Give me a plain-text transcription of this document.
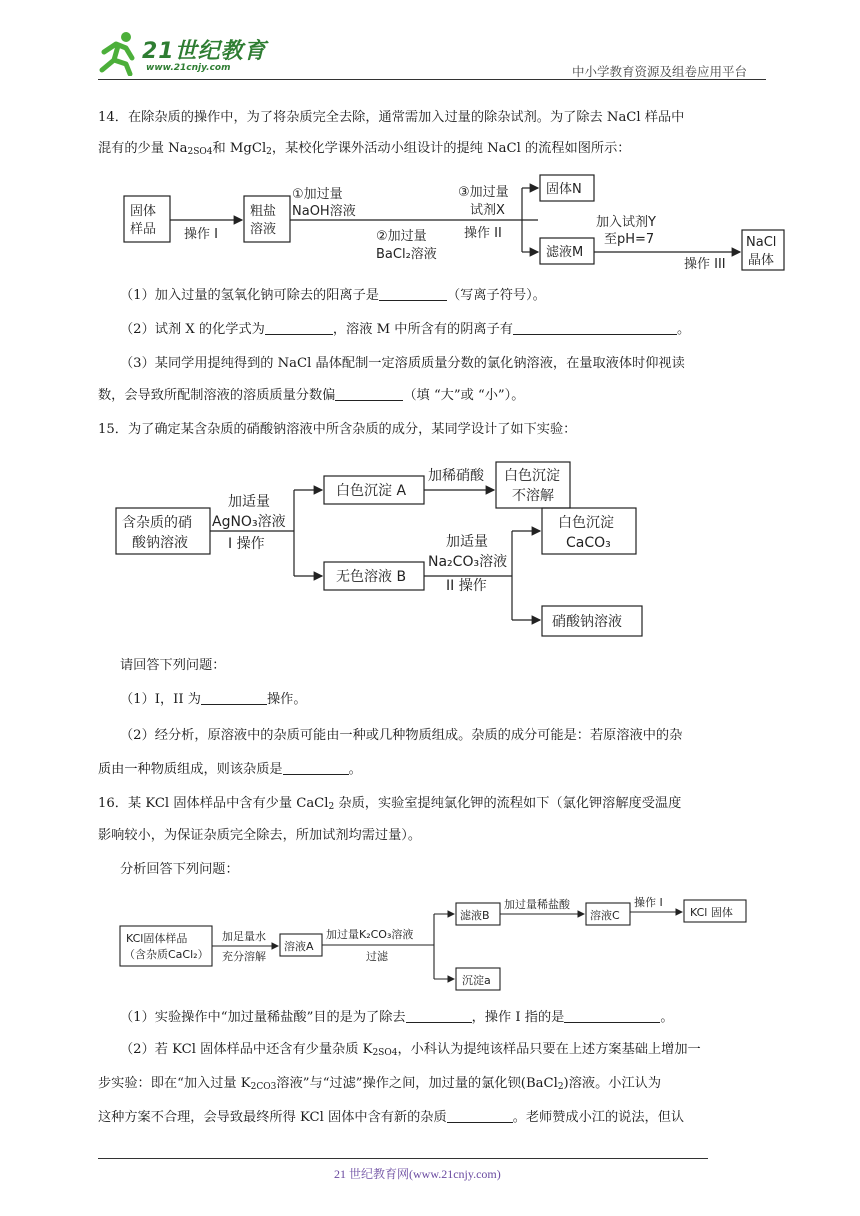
21世纪教育
www.21cnjy.com	中小学教育资源及组卷应用平台
14．在除杂质的操作中，为了将杂质完全去除，通常需加入过量的除杂试剂。为了除去 NaCl 样品中
混有的少量 $Na_{2SO4}$和 MgCl$_2$，某校化学课外活动小组设计的提纯 NaCl 的流程如图所示：
固体
样品 操作 I
粗盐
溶液
①加过量
NaOH溶液
②加过量
BaCl₂溶液
③加过量
试剂X
操作 II
固体N
滤液M
加入试剂Y
至pH=7
操作 III
NaCl
晶体
（1）加入过量的氢氧化钠可除去的阳离子是	（写离子符号）。
（2）试剂 X 的化学式为	，溶液 M 中所含有的阴离子有	。
（3）某同学用提纯得到的 NaCl 晶体配制一定溶质质量分数的氯化钠溶液，在量取液体时仰视读
数，会导致所配制溶液的溶质质量分数偏	（填 “大”或 “小”）。
15．为了确定某含杂质的硝酸钠溶液中所含杂质的成分，某同学设计了如下实验：
含杂质的硝
酸钠溶液
加适量
AgNO₃溶液
I 操作
白色沉淀 A
加稀硝酸 白色沉淀
不溶解
无色溶液 B
加适量
Na₂CO₃溶液
II 操作
白色沉淀
CaCO₃
硝酸钠溶液
请回答下列问题：
（1）I，II 为	操作。
（2）经分析，原溶液中的杂质可能由一种或几种物质组成。杂质的成分可能是：若原溶液中的杂
质由一种物质组成，则该杂质是	。
16．某 KCl 固体样品中含有少量 CaCl$_2$ 杂质，实验室提纯氯化钾的流程如下（氯化钾溶解度受温度
影响较小，为保证杂质完全除去，所加试剂均需过量）。
分析回答下列问题：
KCl固体样品
（含杂质CaCl₂）
加足量水
充分溶解
溶液A
加过量K₂CO₃溶液
过滤
滤液B
加过量稀盐酸
溶液C
操作 I
KCl 固体
沉淀a
（1）实验操作中“加过量稀盐酸”目的是为了除去	，操作 I 指的是	。
（2）若 KCl 固体样品中还含有少量杂质 $K_{2SO4}$，小科认为提纯该样品只要在上述方案基础上增加一
步实验：即在“加入过量 $K_{2CO3}$溶液”与“过滤”操作之间，加过量的氯化钡(BaCl$_2$)溶液。小江认为
这种方案不合理，会导致最终所得 KCl 固体中含有新的杂质	。老师赞成小江的说法，但认
21 世纪教育网(www.21cnjy.com)
